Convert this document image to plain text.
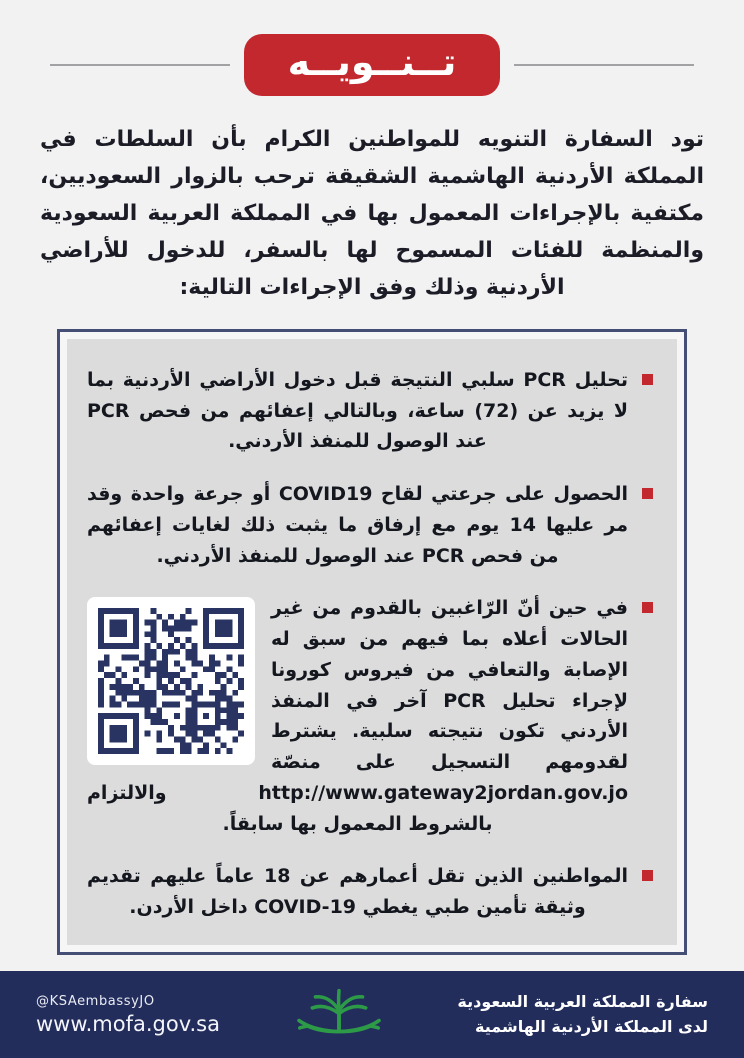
تــنــويــه

تود السفارة التنويه للمواطنين الكرام بأن السلطات في المملكة الأردنية الهاشمية الشقيقة ترحب بالزوار السعوديين، مكتفية بالإجراءات المعمول بها في المملكة العربية السعودية والمنظمة للفئات المسموح لها بالسفر، للدخول للأراضي الأردنية وذلك وفق الإجراءات التالية:

تحليل PCR سلبي النتيجة قبل دخول الأراضي الأردنية بما لا يزيد عن (72) ساعة، وبالتالي إعفائهم من فحص PCR عند الوصول للمنفذ الأردني.

الحصول على جرعتي لقاح COVID19 أو جرعة واحدة وقد مر عليها 14 يوم مع إرفاق ما يثبت ذلك لغايات إعفائهم من فحص PCR عند الوصول للمنفذ الأردني.

في حين أنّ الرّاغبين بالقدوم من غير الحالات أعلاه بما فيهم من سبق له الإصابة والتعافي من فيروس كورونا لإجراء تحليل PCR آخر في المنفذ الأردني تكون نتيجته سلبية. يشترط لقدومهم التسجيل على منصّة http://www.gateway2jordan.gov.jo والالتزام بالشروط المعمول بها سابقاً.

المواطنين الذين تقل أعمارهم عن 18 عاماً عليهم تقديم وثيقة تأمين طبي يغطي COVID-19 داخل الأردن.

@KSAembassyJO
www.mofa.gov.sa
سفارة المملكة العربية السعودية
لدى المملكة الأردنية الهاشمية
